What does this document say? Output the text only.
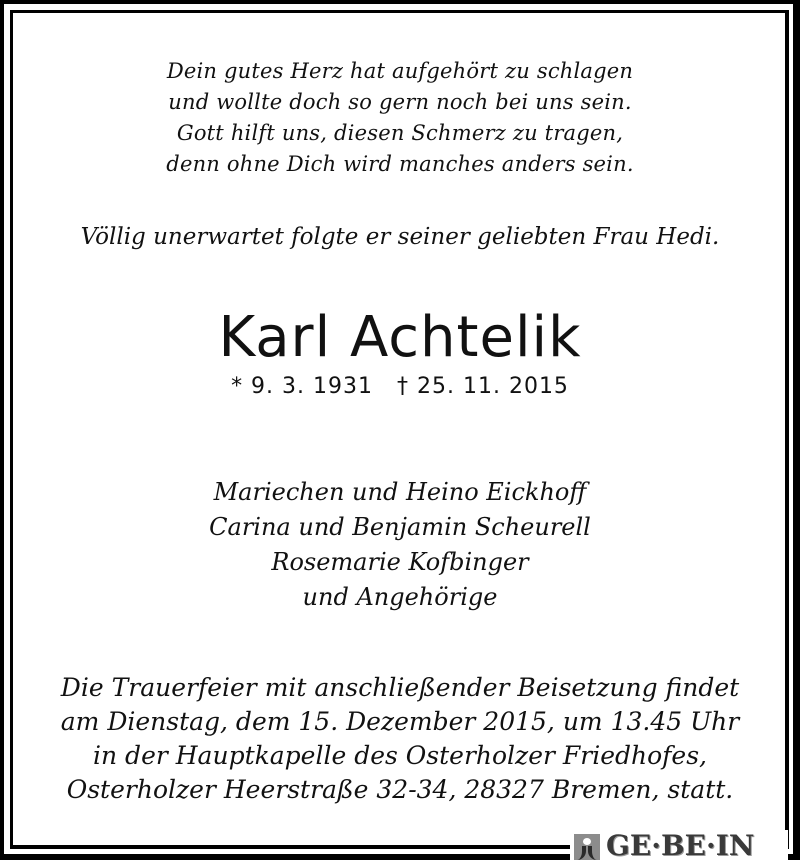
Dein gutes Herz hat aufgehört zu schlagen
und wollte doch so gern noch bei uns sein.
Gott hilft uns, diesen Schmerz zu tragen,
denn ohne Dich wird manches anders sein.
Völlig unerwartet folgte er seiner geliebten Frau Hedi.
Karl Achtelik
* 9. 3. 1931   † 25. 11. 2015
Mariechen und Heino Eickhoff
Carina und Benjamin Scheurell
Rosemarie Kofbinger
und Angehörige
Die Trauerfeier mit anschließender Beisetzung findet
am Dienstag, dem 15. Dezember 2015, um 13.45 Uhr
in der Hauptkapelle des Osterholzer Friedhofes,
Osterholzer Heerstraße 32-34, 28327 Bremen, statt.
GE·BE·IN
